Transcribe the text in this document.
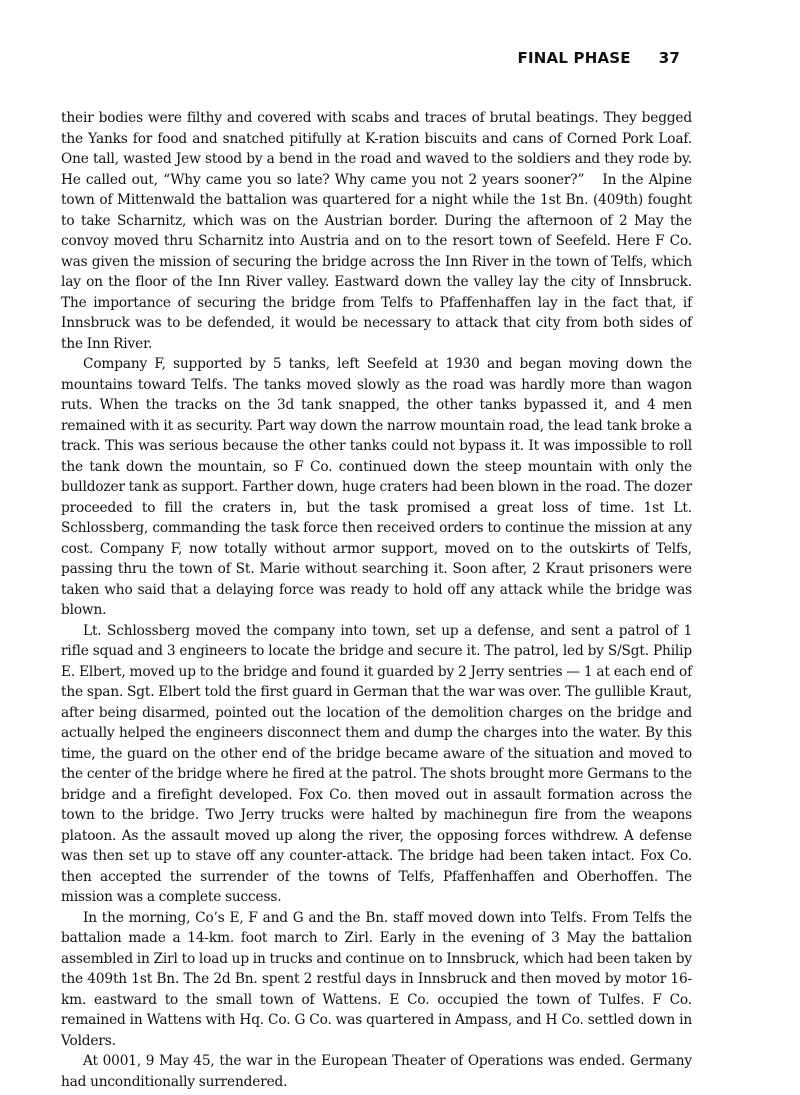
FINAL PHASE 37

their bodies were filthy and covered with scabs and traces of brutal beatings. They begged the Yanks for food and snatched pitifully at K-ration biscuits and cans of Corned Pork Loaf. One tall, wasted Jew stood by a bend in the road and waved to the soldiers and they rode by. He called out, “Why came you so late? Why came you not 2 years sooner?” In the Alpine town of Mittenwald the battalion was quartered for a night while the 1st Bn. (409th) fought to take Scharnitz, which was on the Austrian border. During the afternoon of 2 May the convoy moved thru Scharnitz into Austria and on to the resort town of Seefeld. Here F Co. was given the mission of securing the bridge across the Inn River in the town of Telfs, which lay on the floor of the Inn River valley. Eastward down the valley lay the city of Innsbruck. The importance of securing the bridge from Telfs to Pfaffenhaffen lay in the fact that, if Innsbruck was to be defended, it would be necessary to attack that city from both sides of the Inn River.

Company F, supported by 5 tanks, left Seefeld at 1930 and began moving down the mountains toward Telfs. The tanks moved slowly as the road was hardly more than wagon ruts. When the tracks on the 3d tank snapped, the other tanks bypassed it, and 4 men remained with it as security. Part way down the narrow mountain road, the lead tank broke a track. This was serious because the other tanks could not bypass it. It was impossible to roll the tank down the mountain, so F Co. continued down the steep mountain with only the bulldozer tank as support. Farther down, huge craters had been blown in the road. The dozer proceeded to fill the craters in, but the task promised a great loss of time. 1st Lt. Schlossberg, commanding the task force then received orders to continue the mission at any cost. Company F, now totally without armor support, moved on to the outskirts of Telfs, passing thru the town of St. Marie without searching it. Soon after, 2 Kraut prisoners were taken who said that a delaying force was ready to hold off any attack while the bridge was blown.

Lt. Schlossberg moved the company into town, set up a defense, and sent a patrol of 1 rifle squad and 3 engineers to locate the bridge and secure it. The patrol, led by S/Sgt. Philip E. Elbert, moved up to the bridge and found it guarded by 2 Jerry sentries — 1 at each end of the span. Sgt. Elbert told the first guard in German that the war was over. The gullible Kraut, after being disarmed, pointed out the location of the demolition charges on the bridge and actually helped the engineers disconnect them and dump the charges into the water. By this time, the guard on the other end of the bridge became aware of the situation and moved to the center of the bridge where he fired at the patrol. The shots brought more Germans to the bridge and a firefight developed. Fox Co. then moved out in assault formation across the town to the bridge. Two Jerry trucks were halted by machinegun fire from the weapons platoon. As the assault moved up along the river, the opposing forces withdrew. A defense was then set up to stave off any counter-attack. The bridge had been taken intact. Fox Co. then accepted the surrender of the towns of Telfs, Pfaffenhaffen and Oberhoffen. The mission was a complete success.

In the morning, Co’s E, F and G and the Bn. staff moved down into Telfs. From Telfs the battalion made a 14-km. foot march to Zirl. Early in the evening of 3 May the battalion assembled in Zirl to load up in trucks and continue on to Innsbruck, which had been taken by the 409th 1st Bn. The 2d Bn. spent 2 restful days in Innsbruck and then moved by motor 16-km. eastward to the small town of Wattens. E Co. occupied the town of Tulfes. F Co. remained in Wattens with Hq. Co. G Co. was quartered in Ampass, and H Co. settled down in Volders.

At 0001, 9 May 45, the war in the European Theater of Operations was ended. Germany had unconditionally surrendered.
